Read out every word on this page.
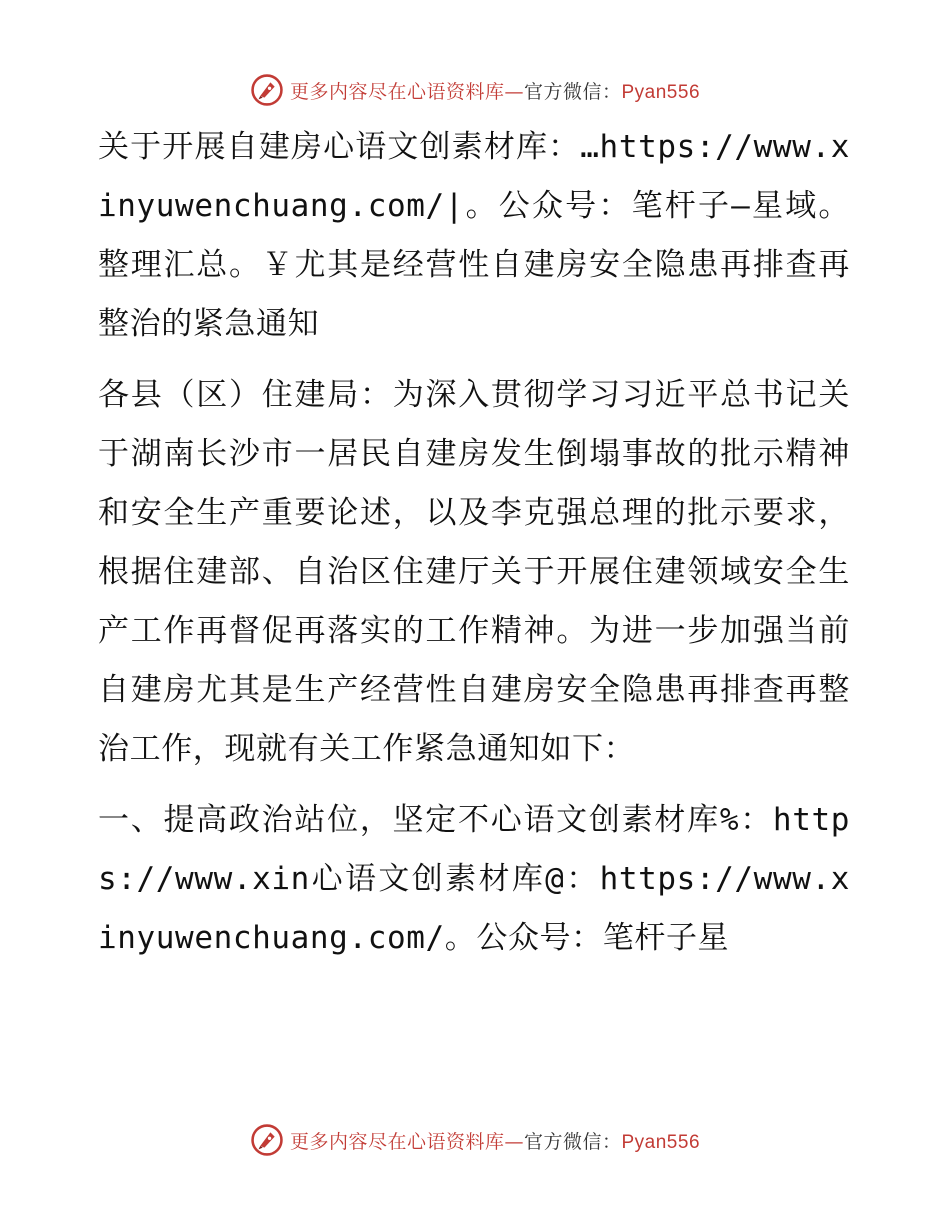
更多内容尽在心语资料库—官方微信：Pyan556

关于开展自建房心语文创素材库：…https://www.xinyuwenchuang.com/|。公众号：笔杆子—星域。整理汇总。￥尤其是经营性自建房安全隐患再排查再整治的紧急通知

各县（区）住建局：为深入贯彻学习习近平总书记关于湖南长沙市一居民自建房发生倒塌事故的批示精神和安全生产重要论述，以及李克强总理的批示要求，根据住建部、自治区住建厅关于开展住建领域安全生产工作再督促再落实的工作精神。为进一步加强当前自建房尤其是生产经营性自建房安全隐患再排查再整治工作，现就有关工作紧急通知如下：

一、提高政治站位，坚定不心语文创素材库%：https://www.xin心语文创素材库@：https://www.xinyuwenchuang.com/。公众号：笔杆子星

更多内容尽在心语资料库—官方微信：Pyan556
